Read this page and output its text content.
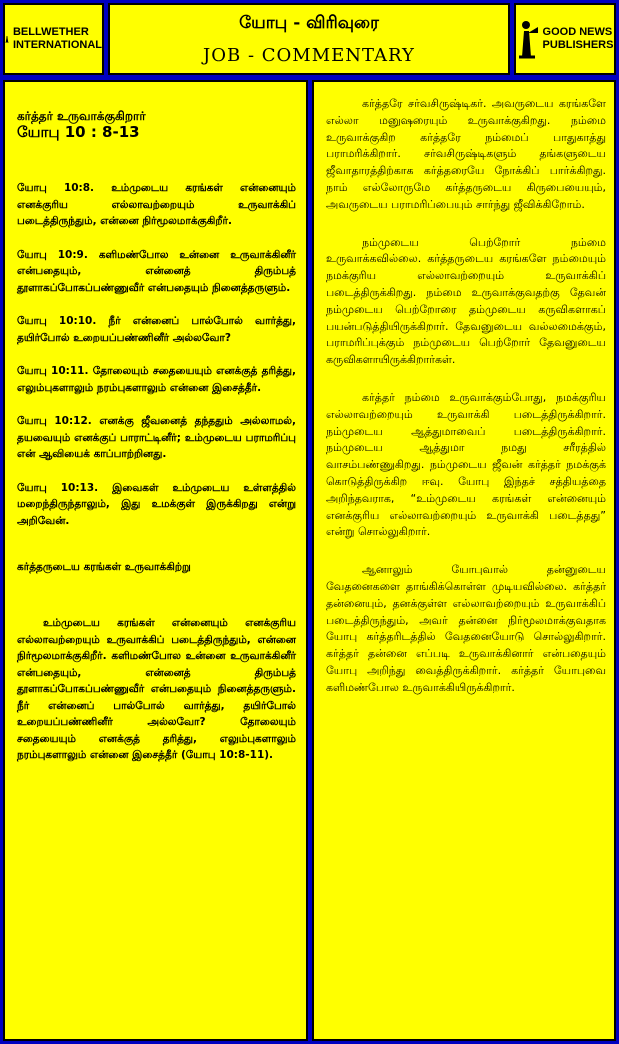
BELLWETHER
INTERNATIONAL
யோபு - விரிவுரை
JOB - COMMENTARY
GOOD NEWS
PUBLISHERS
கர்த்தர் உருவாக்குகிறார்
யோபு 10 : 8-13

யோபு 10:8. உம்முடைய கரங்கள் என்னையும் எனக்குரிய எல்லாவற்றையும் உருவாக்கிப் படைத்திருந்தும், என்னை நிர்மூலமாக்குகிறீர்.

யோபு 10:9. களிமண்போல உன்னை உருவாக்கினீர் என்பதையும், என்னைத் திரும்பத் தூளாகப்போகப்பண்ணுவீர் என்பதையும் நினைத்தருளும்.

யோபு 10:10. நீர் என்னைப் பால்போல் வார்த்து, தயிர்போல் உறையப்பண்ணினீர் அல்லவோ?

யோபு 10:11. தோலையும் சதையையும் எனக்குத் தரித்து, எலும்புகளாலும் நரம்புகளாலும் என்னை இசைத்தீர்.

யோபு 10:12. எனக்கு ஜீவனைத் தந்ததும் அல்லாமல், தயவையும் எனக்குப் பாராட்டினீர்; உம்முடைய பராமரிப்பு என் ஆவியைக் காப்பாற்றினது.

யோபு 10:13. இவைகள் உம்முடைய உள்ளத்தில் மறைந்திருந்தாலும், இது உமக்குள் இருக்கிறது என்று அறிவேன்.

கர்த்தருடைய கரங்கள் உருவாக்கிற்று

உம்முடைய கரங்கள் என்னையும் எனக்குரிய எல்லாவற்றையும் உருவாக்கிப் படைத்திருந்தும், என்னை நிர்மூலமாக்குகிறீர். களிமண்போல உன்னை உருவாக்கினீர் என்பதையும், என்னைத் திரும்பத் தூளாகப்போகப்பண்ணுவீர் என்பதையும் நினைத்தருளும். நீர் என்னைப் பால்போல் வார்த்து, தயிர்போல் உறையப்பண்ணினீர் அல்லவோ? தோலையும் சதையையும் எனக்குத் தரித்து, எலும்புகளாலும் நரம்புகளாலும் என்னை இசைத்தீர் (யோபு 10:8-11).

கர்த்தரே சர்வசிருஷ்டிகர். அவருடைய கரங்களே எல்லா மனுஷரையும் உருவாக்குகிறது. நம்மை உருவாக்குகிற கர்த்தரே நம்மைப் பாதுகாத்து பராமரிக்கிறார். சர்வசிருஷ்டிகளும் தங்களுடைய ஜீவாதாரத்திற்காக கர்த்தரையே நோக்கிப் பார்க்கிறது. நாம் எல்லோருமே கர்த்தருடைய கிருபையையும், அவருடைய பராமரிப்பையும் சார்ந்து ஜீவிக்கிறோம்.

நம்முடைய பெற்றோர் நம்மை உருவாக்கவில்லை. கர்த்தருடைய கரங்களே நம்மையும் நமக்குரிய எல்லாவற்றையும் உருவாக்கிப் படைத்திருக்கிறது. நம்மை உருவாக்குவதற்கு தேவன் நம்முடைய பெற்றோரை தம்முடைய கருவிகளாகப் பயன்படுத்தியிருக்கிறார். தேவனுடைய வல்லமைக்கும், பராமரிப்புக்கும் நம்முடைய பெற்றோர் தேவனுடைய கருவிகளாயிருக்கிறார்கள்.

கர்த்தர் நம்மை உருவாக்கும்போது, நமக்குரிய எல்லாவற்றையும் உருவாக்கி படைத்திருக்கிறார். நம்முடைய ஆத்துமாவைப் படைத்திருக்கிறார். நம்முடைய ஆத்துமா நமது சரீரத்தில் வாசம்பண்ணுகிறது. நம்முடைய ஜீவன் கர்த்தர் நமக்குக் கொடுத்திருக்கிற ஈவு. யோபு இந்தச் சத்தியத்தை அறிந்தவராக, “உம்முடைய கரங்கள் என்னையும் எனக்குரிய எல்லாவற்றையும் உருவாக்கி படைத்தது” என்று சொல்லுகிறார்.

ஆனாலும் யோபுவால் தன்னுடைய வேதனைகளை தாங்கிக்கொள்ள முடியவில்லை. கர்த்தர் தன்னையும், தனக்குள்ள எல்லாவற்றையும் உருவாக்கிப் படைத்திருந்தும், அவர் தன்னை நிர்மூலமாக்குவதாக யோபு கர்த்தரிடத்தில் வேதனையோடு சொல்லுகிறார். கர்த்தர் தன்னை எப்படி உருவாக்கினார் என்பதையும் யோபு அறிந்து வைத்திருக்கிறார். கர்த்தர் யோபுவை களிமண்போல உருவாக்கியிருக்கிறார்.
